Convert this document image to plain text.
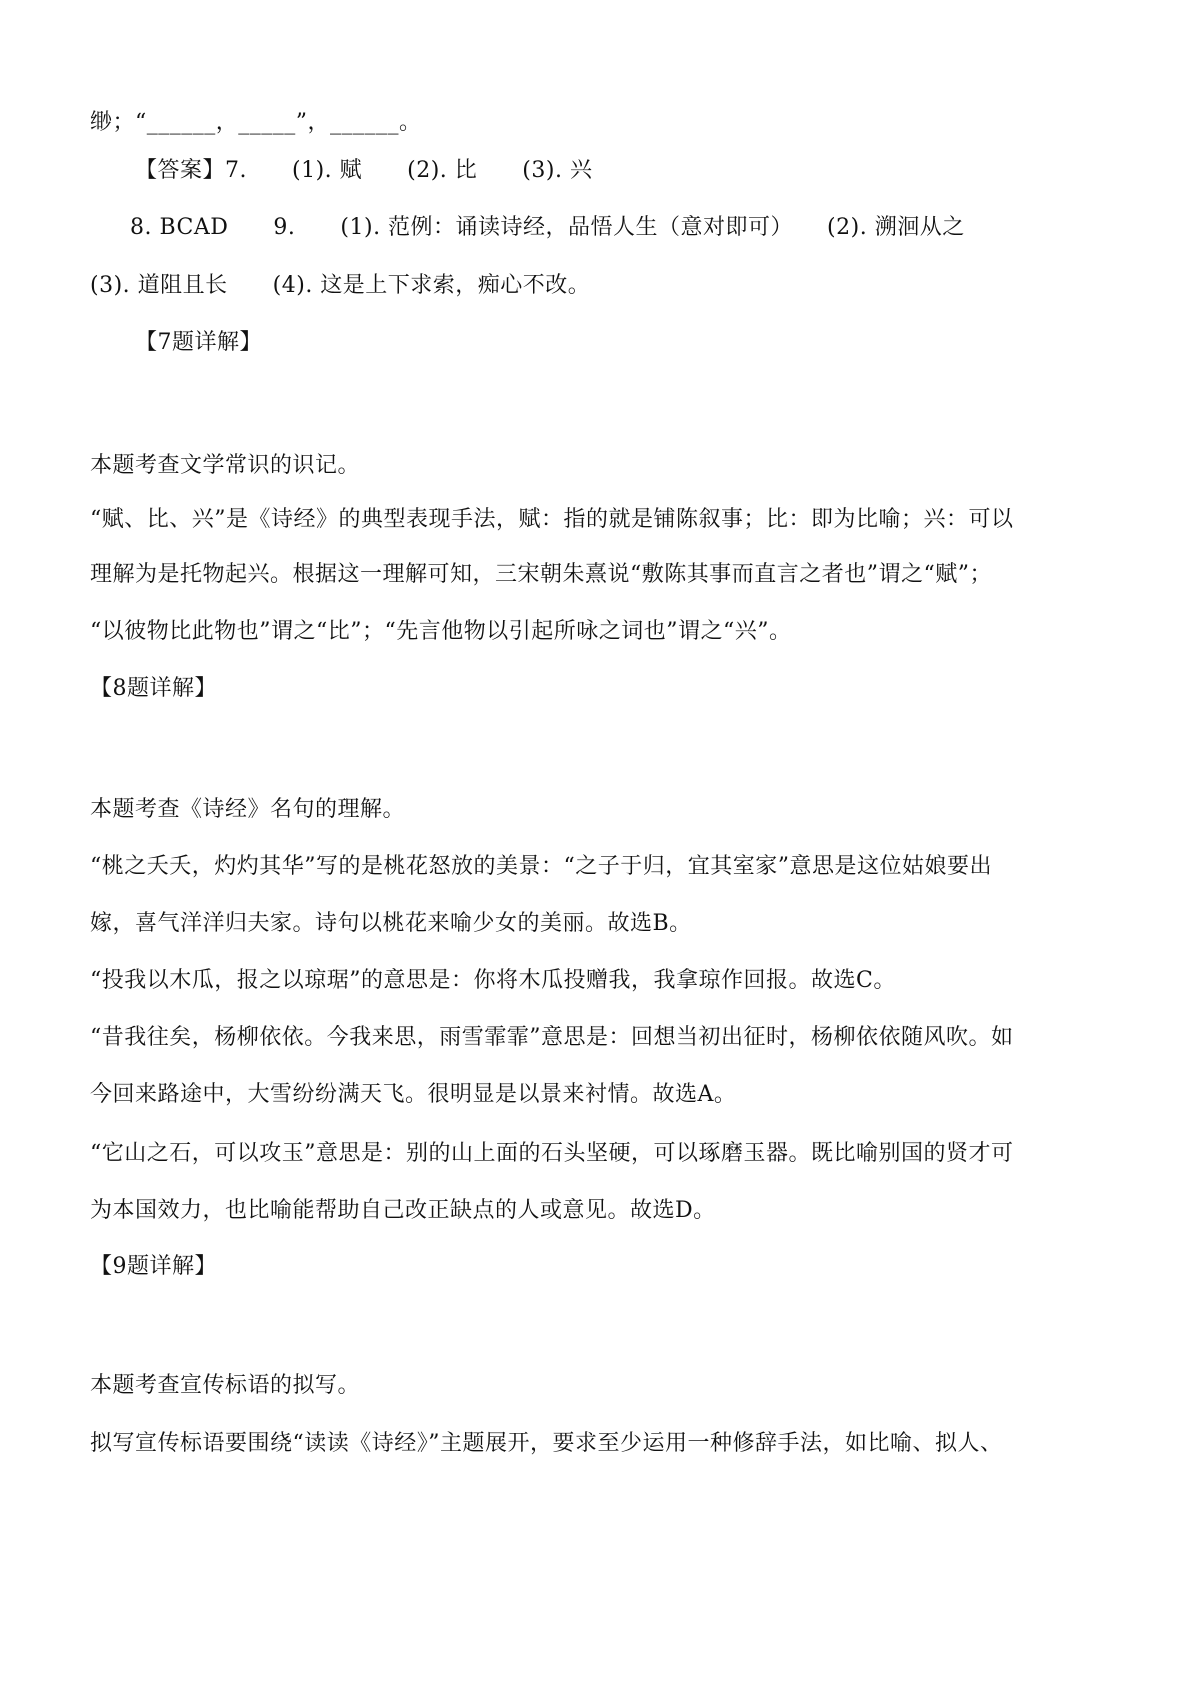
缈；“______，_____”，______。
【答案】7.　　(1). 赋　　(2). 比　　(3). 兴
8. BCAD　　9.　　(1). 范例：诵读诗经，品悟人生（意对即可）　　(2). 溯洄从之
(3). 道阻且长　　(4). 这是上下求索，痴心不改。
【7题详解】
本题考查文学常识的识记。
“赋、比、兴”是《诗经》的典型表现手法，赋：指的就是铺陈叙事；比：即为比喻；兴：可以
理解为是托物起兴。根据这一理解可知，三宋朝朱熹说“敷陈其事而直言之者也”谓之“赋”；
“以彼物比此物也”谓之“比”；“先言他物以引起所咏之词也”谓之“兴”。
【8题详解】
本题考查《诗经》名句的理解。
“桃之夭夭，灼灼其华”写的是桃花怒放的美景：“之子于归，宜其室家”意思是这位姑娘要出
嫁，喜气洋洋归夫家。诗句以桃花来喻少女的美丽。故选B。
“投我以木瓜，报之以琼琚”的意思是：你将木瓜投赠我，我拿琼作回报。故选C。
“昔我往矣，杨柳依依。今我来思，雨雪霏霏”意思是：回想当初出征时，杨柳依依随风吹。如
今回来路途中，大雪纷纷满天飞。很明显是以景来衬情。故选A。
“它山之石，可以攻玉”意思是：别的山上面的石头坚硬，可以琢磨玉器。既比喻别国的贤才可
为本国效力，也比喻能帮助自己改正缺点的人或意见。故选D。
【9题详解】
本题考查宣传标语的拟写。
拟写宣传标语要围绕“读读《诗经》”主题展开，要求至少运用一种修辞手法，如比喻、拟人、
